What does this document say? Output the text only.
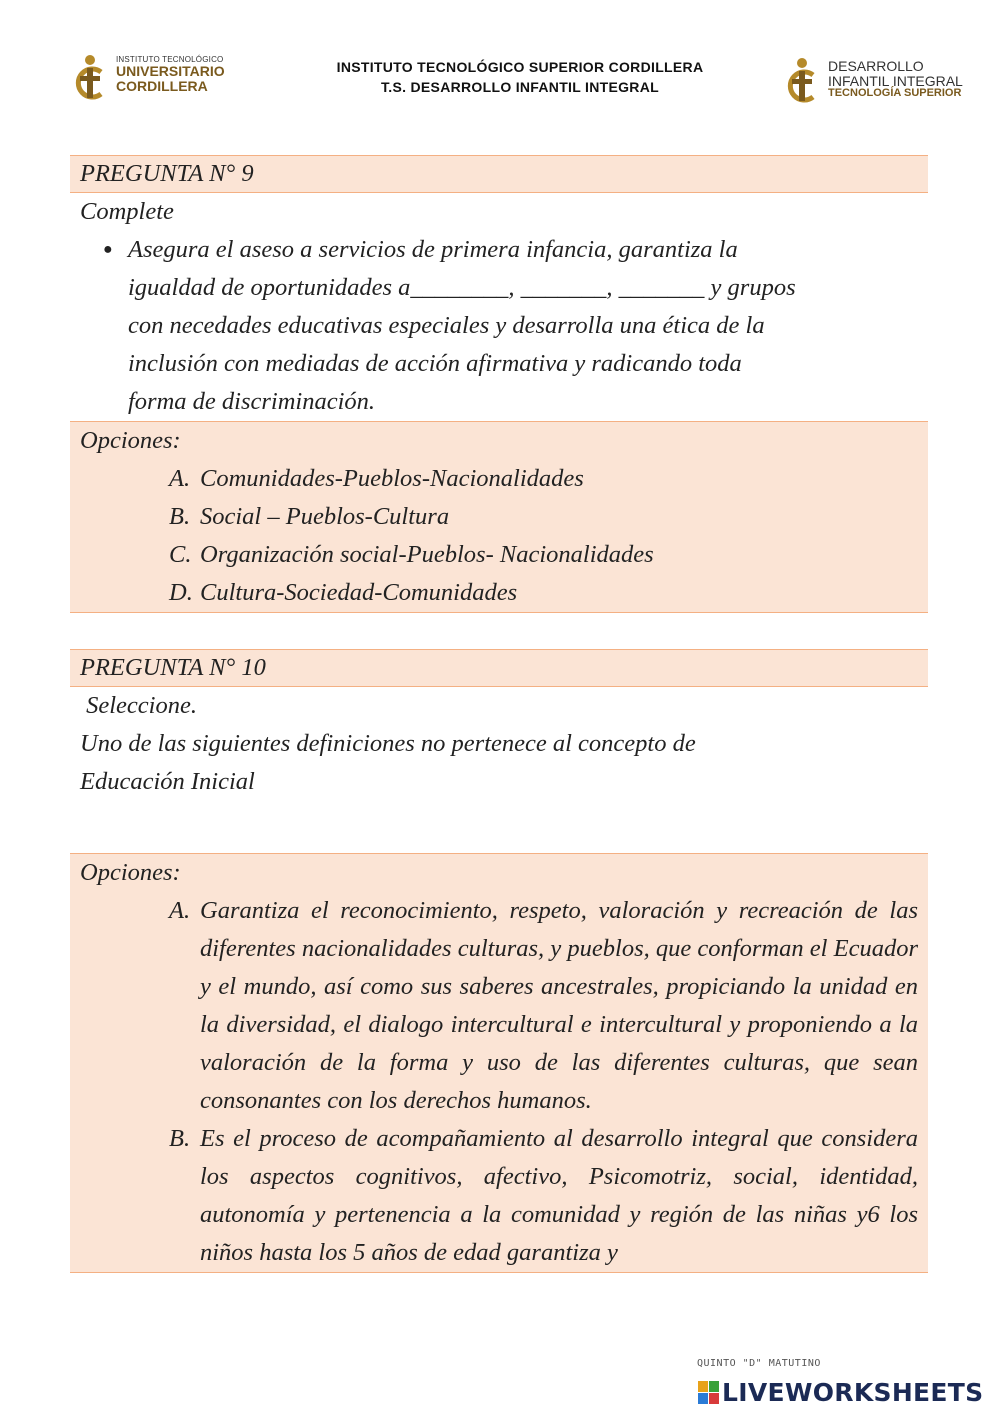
INSTITUTO TECNOLÓGICO
UNIVERSITARIO
CORDILLERA
INSTITUTO TECNOLÓGICO SUPERIOR CORDILLERA
T.S. DESARROLLO INFANTIL INTEGRAL
DESARROLLO
INFANTIL INTEGRAL
TECNOLOGÍA SUPERIOR
PREGUNTA N° 9
Complete
● Asegura el aseso a servicios de primera infancia, garantiza la
igualdad de oportunidades a________, _______, _______ y grupos
con necedades educativas especiales y desarrolla una ética de la
inclusión con mediadas de acción afirmativa y radicando toda
forma de discriminación.
Opciones:
A. Comunidades-Pueblos-Nacionalidades
B. Social – Pueblos-Cultura
C. Organización social-Pueblos- Nacionalidades
D. Cultura-Sociedad-Comunidades
PREGUNTA N° 10
Seleccione.
Uno de las siguientes definiciones no pertenece al concepto de
Educación Inicial
Opciones:
A. Garantiza el reconocimiento, respeto, valoración y recreación de las diferentes nacionalidades culturas, y pueblos, que conforman el Ecuador y el mundo, así como sus saberes ancestrales, propiciando la unidad en la diversidad, el dialogo intercultural e intercultural y proponiendo a la valoración de la forma y uso de las diferentes culturas, que sean consonantes con los derechos humanos.
B. Es el proceso de acompañamiento al desarrollo integral que considera los aspectos cognitivos, afectivo, Psicomotriz, social, identidad, autonomía y pertenencia a la comunidad y región de las niñas y6 los niños hasta los 5 años de edad garantiza y
QUINTO "D" MATUTINO
LIVEWORKSHEETS
